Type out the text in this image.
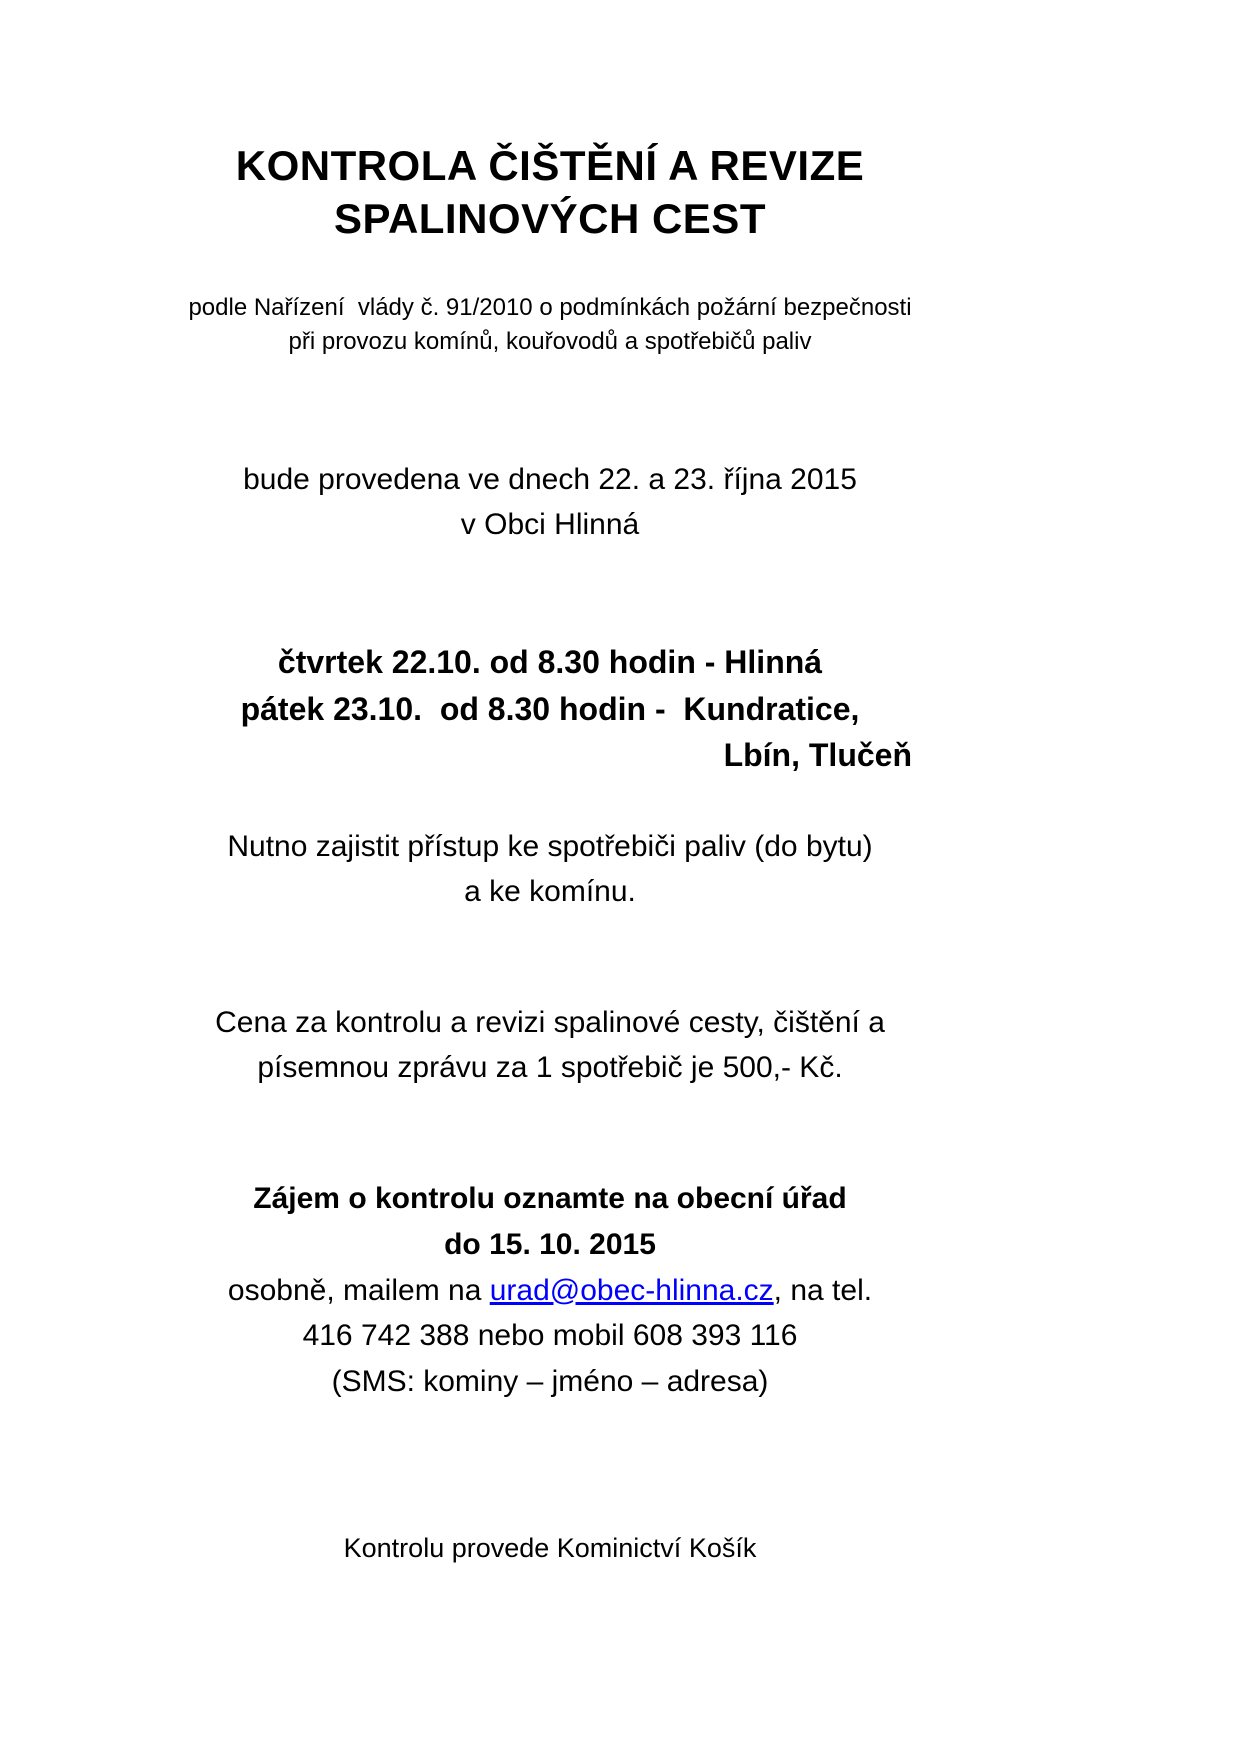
KONTROLA ČIŠTĚNÍ A REVIZE
SPALINOVÝCH CEST
podle Nařízení  vlády č. 91/2010 o podmínkách požární bezpečnosti
při provozu komínů, kouřovodů a spotřebičů paliv
bude provedena ve dnech 22. a 23. října 2015
v Obci Hlinná
čtvrtek 22.10. od 8.30 hodin - Hlinná
pátek 23.10.  od 8.30 hodin -  Kundratice,
Lbín, Tlučeň
Nutno zajistit přístup ke spotřebiči paliv (do bytu)
a ke komínu.
Cena za kontrolu a revizi spalinové cesty, čištění a
písemnou zprávu za 1 spotřebič je 500,- Kč.
Zájem o kontrolu oznamte na obecní úřad
do 15. 10. 2015
osobně, mailem na urad@obec-hlinna.cz, na tel.
416 742 388 nebo mobil 608 393 116
(SMS: kominy – jméno – adresa)
Kontrolu provede Kominictví Košík
